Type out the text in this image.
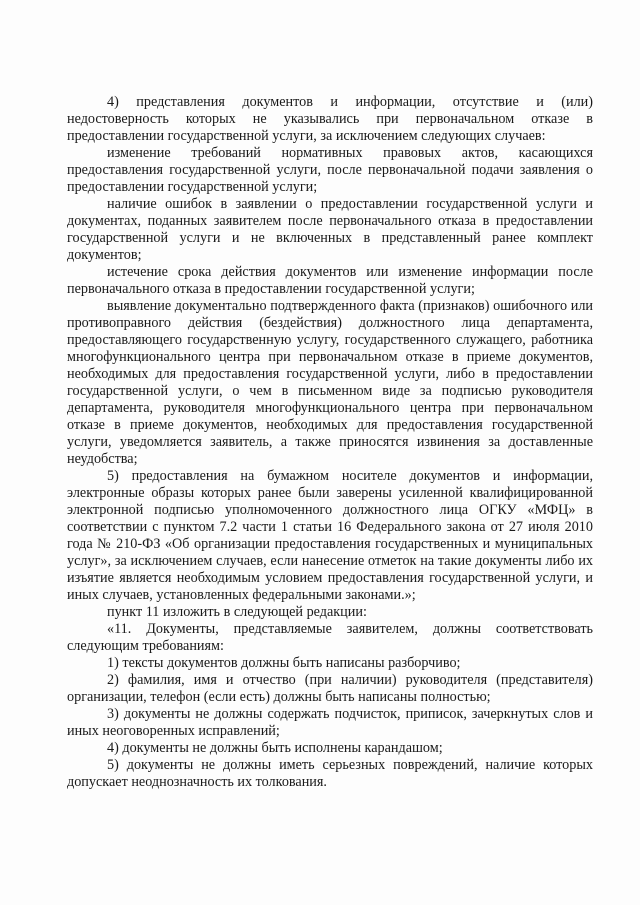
4) представления документов и информации, отсутствие и (или) недостоверность которых не указывались при первоначальном отказе в предоставлении государственной услуги, за исключением следующих случаев:

изменение требований нормативных правовых актов, касающихся предоставления государственной услуги, после первоначальной подачи заявления о предоставлении государственной услуги;

наличие ошибок в заявлении о предоставлении государственной услуги и документах, поданных заявителем после первоначального отказа в предоставлении государственной услуги и не включенных в представленный ранее комплект документов;

истечение срока действия документов или изменение информации после первоначального отказа в предоставлении государственной услуги;

выявление документально подтвержденного факта (признаков) ошибочного или противоправного действия (бездействия) должностного лица департамента, предоставляющего государственную услугу, государственного служащего, работника многофункционального центра при первоначальном отказе в приеме документов, необходимых для предоставления государственной услуги, либо в предоставлении государственной услуги, о чем в письменном виде за подписью руководителя департамента, руководителя многофункционального центра при первоначальном отказе в приеме документов, необходимых для предоставления государственной услуги, уведомляется заявитель, а также приносятся извинения за доставленные неудобства;

5) предоставления на бумажном носителе документов и информации, электронные образы которых ранее были заверены усиленной квалифицированной электронной подписью уполномоченного должностного лица ОГКУ «МФЦ» в соответствии с пунктом 7.2 части 1 статьи 16 Федерального закона от 27 июля 2010 года № 210-ФЗ «Об организации предоставления государственных и муниципальных услуг», за исключением случаев, если нанесение отметок на такие документы либо их изъятие является необходимым условием предоставления государственной услуги, и иных случаев, установленных федеральными законами.»;

пункт 11 изложить в следующей редакции:

«11. Документы, представляемые заявителем, должны соответствовать следующим требованиям:

1) тексты документов должны быть написаны разборчиво;

2) фамилия, имя и отчество (при наличии) руководителя (представителя) организации, телефон (если есть) должны быть написаны полностью;

3) документы не должны содержать подчисток, приписок, зачеркнутых слов и иных неоговоренных исправлений;

4) документы не должны быть исполнены карандашом;

5) документы не должны иметь серьезных повреждений, наличие которых допускает неоднозначность их толкования.
